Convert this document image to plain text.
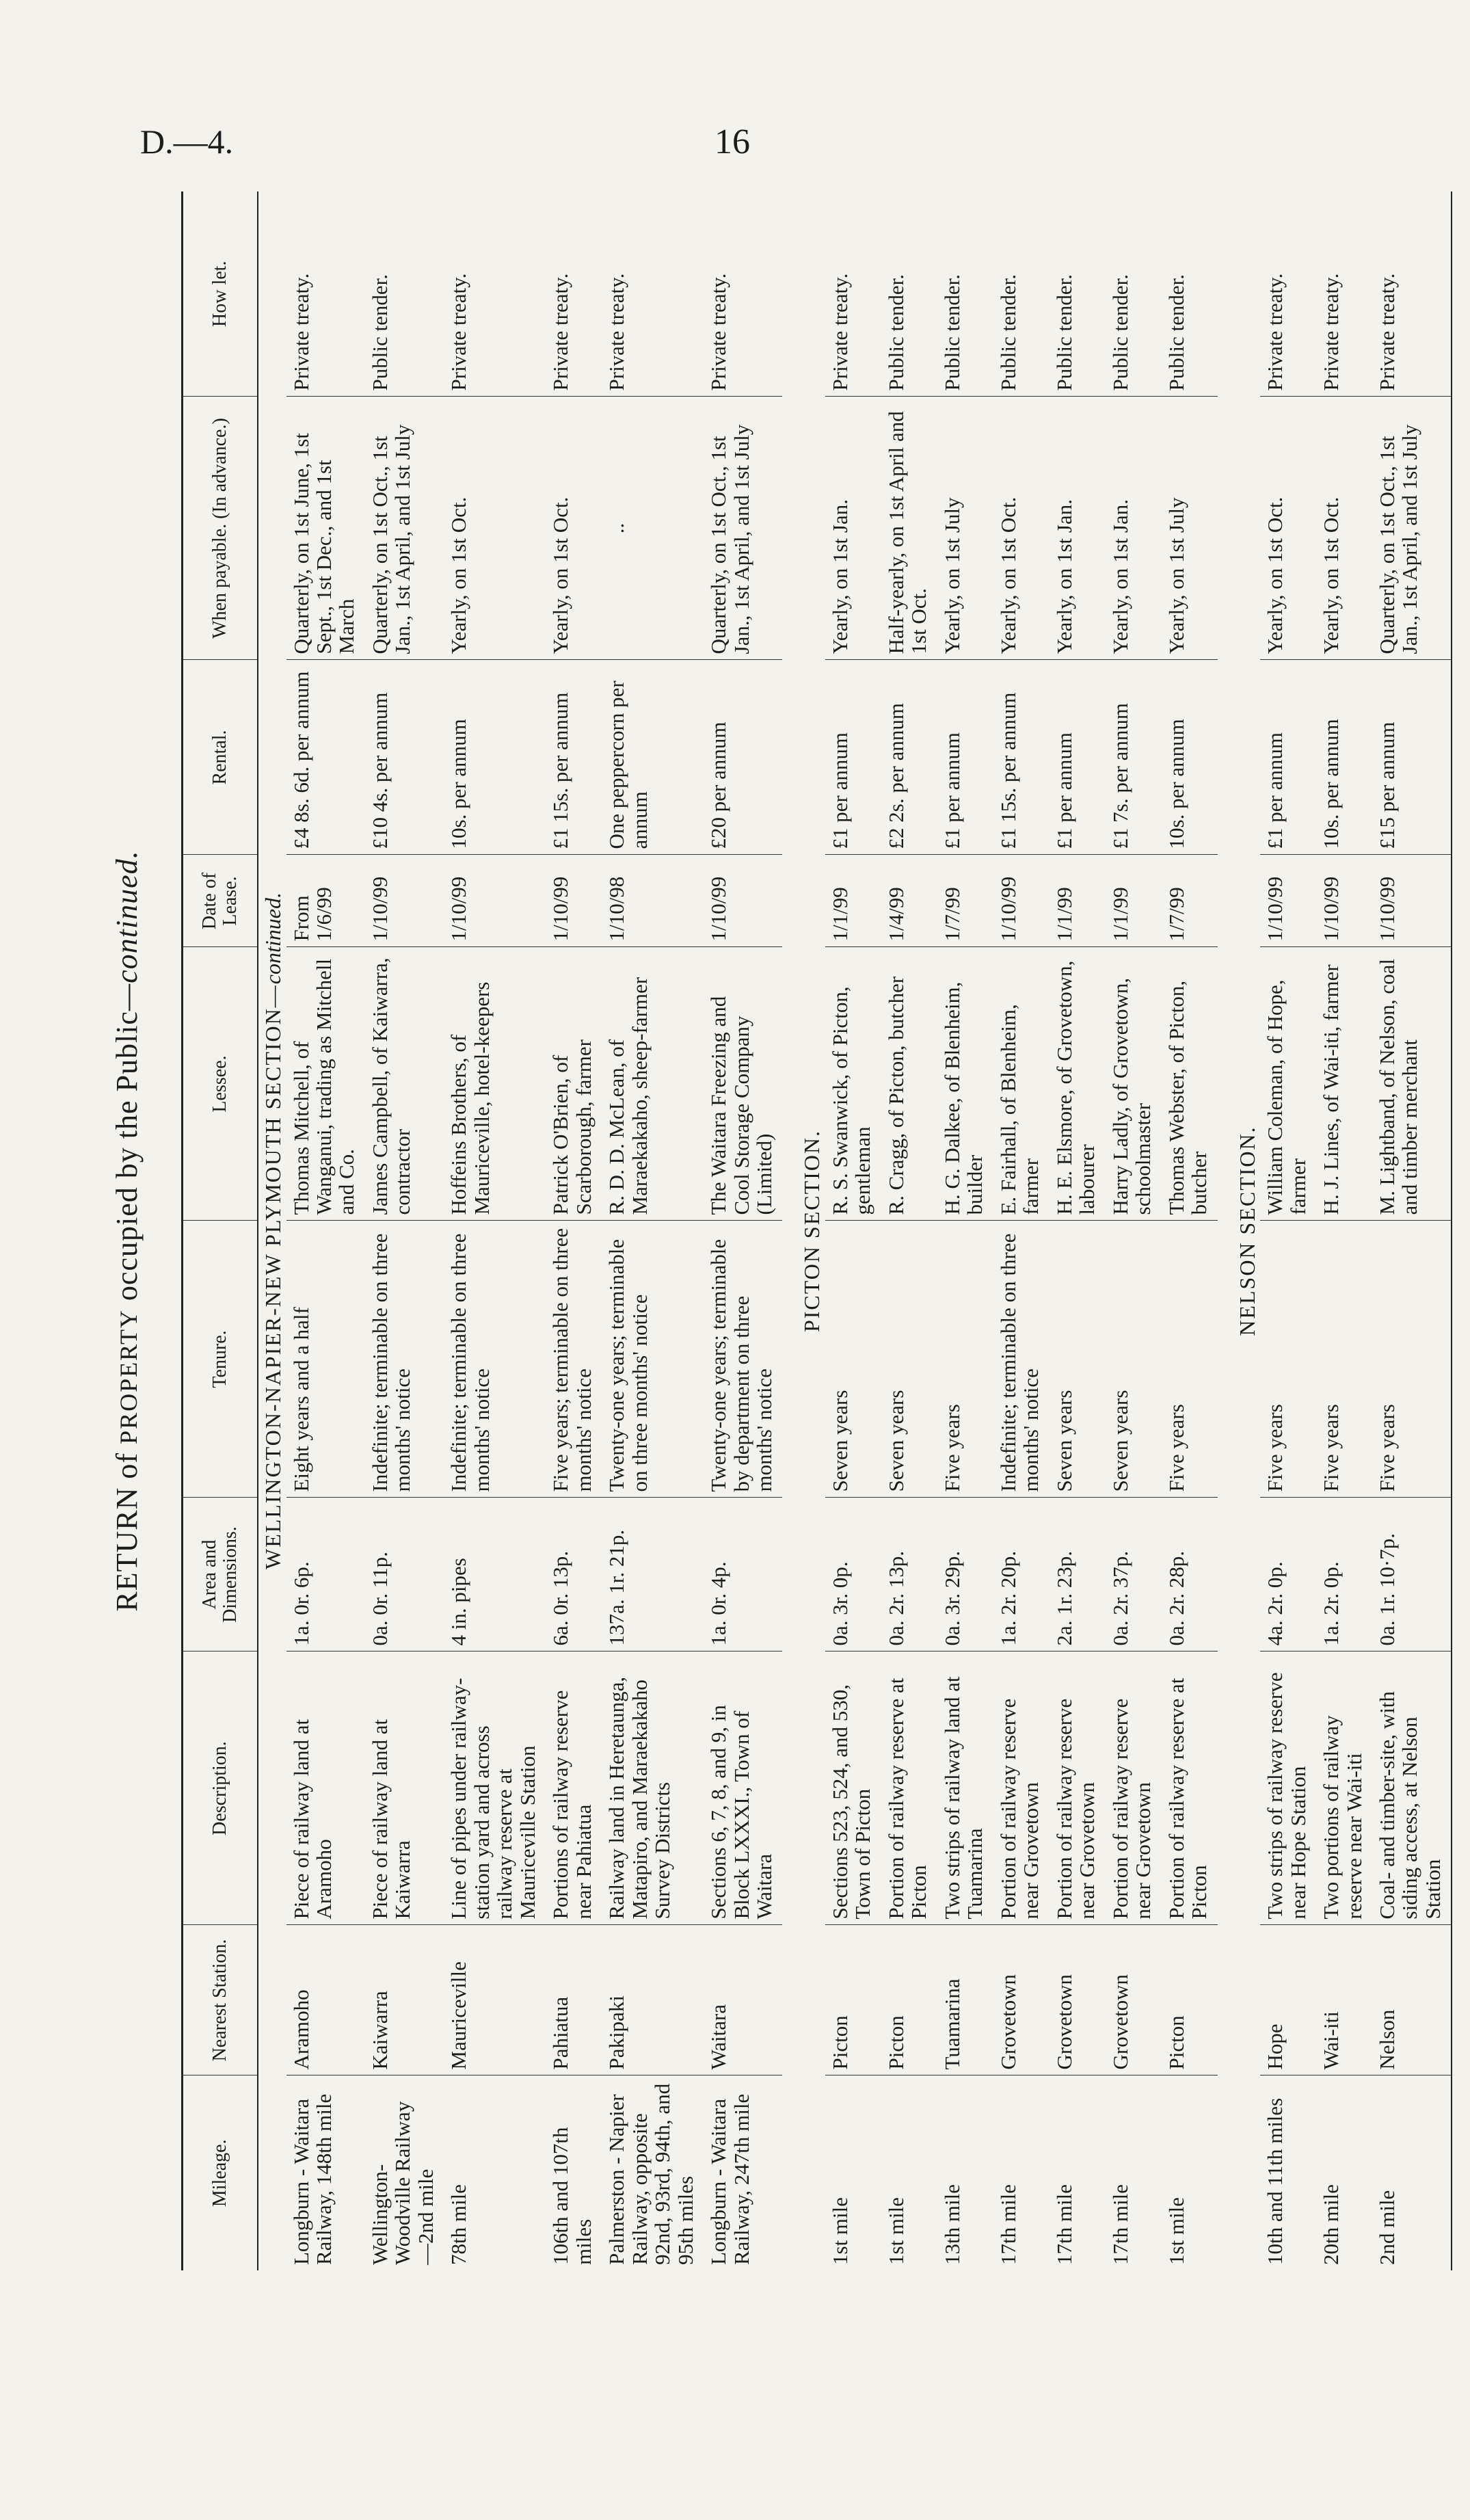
D.—4.	16
RETURN of PROPERTY occupied by the Public—continued.
Mileage.	Nearest Station.	Description.	Area and Dimensions.	Tenure.	Lessee.	Date of Lease.	Rental.	When payable. (In advance.)	How let.
WELLINGTON-NAPIER-NEW PLYMOUTH SECTION—continued.									
Longburn - Waitara Railway, 148th mile	Aramoho	Piece of railway land at Aramoho	1a. 0r. 6p.	Eight years and a half	Thomas Mitchell, of Wanganui, trading as Mitchell and Co.	From 1/6/99	£4 8s. 6d. per annum	Quarterly, on 1st June, 1st Sept., 1st Dec., and 1st March	Private treaty.
Wellington-Woodville Railway—2nd mile	Kaiwarra	Piece of railway land at Kaiwarra	0a. 0r. 11p.	Indefinite; terminable on three months' notice	James Campbell, of Kaiwarra, contractor	1/10/99	£10 4s. per annum	Quarterly, on 1st Oct., 1st Jan., 1st April, and 1st July	Public tender.
78th mile	Mauriceville	Line of pipes under railway-station yard and across railway reserve at Mauriceville Station	4 in. pipes	Indefinite; terminable on three months' notice	Hoffeins Brothers, of Mauriceville, hotel-keepers	1/10/99	10s. per annum	Yearly, on 1st Oct.	Private treaty.
106th and 107th miles	Pahiatua	Portions of railway reserve near Pahiatua	6a. 0r. 13p.	Five years; terminable on three months' notice	Patrick O'Brien, of Scarborough, farmer	1/10/99	£1 15s. per annum	Yearly, on 1st Oct.	Private treaty.
Palmerston - Napier Railway, opposite 92nd, 93rd, 94th, and 95th miles	Pakipaki	Railway land in Heretaunga, Matapiro, and Maraekakaho Survey Districts	137a. 1r. 21p.	Twenty-one years; terminable on three months' notice	R. D. D. McLean, of Maraekakaho, sheep-farmer	1/10/98	One peppercorn per annum	..	Private treaty.
Longburn - Waitara Railway, 247th mile	Waitara	Sections 6, 7, 8, and 9, in Block LXXXI., Town of Waitara	1a. 0r. 4p.	Twenty-one years; terminable by department on three months' notice	The Waitara Freezing and Cool Storage Company (Limited)	1/10/99	£20 per annum	Quarterly, on 1st Oct., 1st Jan., 1st April, and 1st July	Private treaty.

PICTON SECTION.									
1st mile	Picton	Sections 523, 524, and 530, Town of Picton	0a. 3r. 0p.	Seven years	R. S. Swanwick, of Picton, gentleman	1/1/99	£1 per annum	Yearly, on 1st Jan.	Private treaty.
1st mile	Picton	Portion of railway reserve at Picton	0a. 2r. 13p.	Seven years	R. Cragg, of Picton, butcher	1/4/99	£2 2s. per annum	Half-yearly, on 1st April and 1st Oct.	Public tender.
13th mile	Tuamarina	Two strips of railway land at Tuamarina	0a. 3r. 29p.	Five years	H. G. Dalkee, of Blenheim, builder	1/7/99	£1 per annum	Yearly, on 1st July	Public tender.
17th mile	Grovetown	Portion of railway reserve near Grovetown	1a. 2r. 20p.	Indefinite; terminable on three months' notice	E. Fairhall, of Blenheim, farmer	1/10/99	£1 15s. per annum	Yearly, on 1st Oct.	Public tender.
17th mile	Grovetown	Portion of railway reserve near Grovetown	2a. 1r. 23p.	Seven years	H. E. Elsmore, of Grovetown, labourer	1/1/99	£1 per annum	Yearly, on 1st Jan.	Public tender.
17th mile	Grovetown	Portion of railway reserve near Grovetown	0a. 2r. 37p.	Seven years	Harry Ladly, of Grovetown, schoolmaster	1/1/99	£1 7s. per annum	Yearly, on 1st Jan.	Public tender.
1st mile	Picton	Portion of railway reserve at Picton	0a. 2r. 28p.	Five years	Thomas Webster, of Picton, butcher	1/7/99	10s. per annum	Yearly, on 1st July	Public tender.

NELSON SECTION.									
10th and 11th miles	Hope	Two strips of railway reserve near Hope Station	4a. 2r. 0p.	Five years	William Coleman, of Hope, farmer	1/10/99	£1 per annum	Yearly, on 1st Oct.	Private treaty.
20th mile	Wai-iti	Two portions of railway reserve near Wai-iti	1a. 2r. 0p.	Five years	H. J. Lines, of Wai-iti, farmer	1/10/99	10s. per annum	Yearly, on 1st Oct.	Private treaty.
2nd mile	Nelson	Coal- and timber-site, with siding access, at Nelson Station	0a. 1r. 10·7p.	Five years	M. Lightband, of Nelson, coal and timber merchant	1/10/99	£15 per annum	Quarterly, on 1st Oct., 1st Jan., 1st April, and 1st July	Private treaty.
